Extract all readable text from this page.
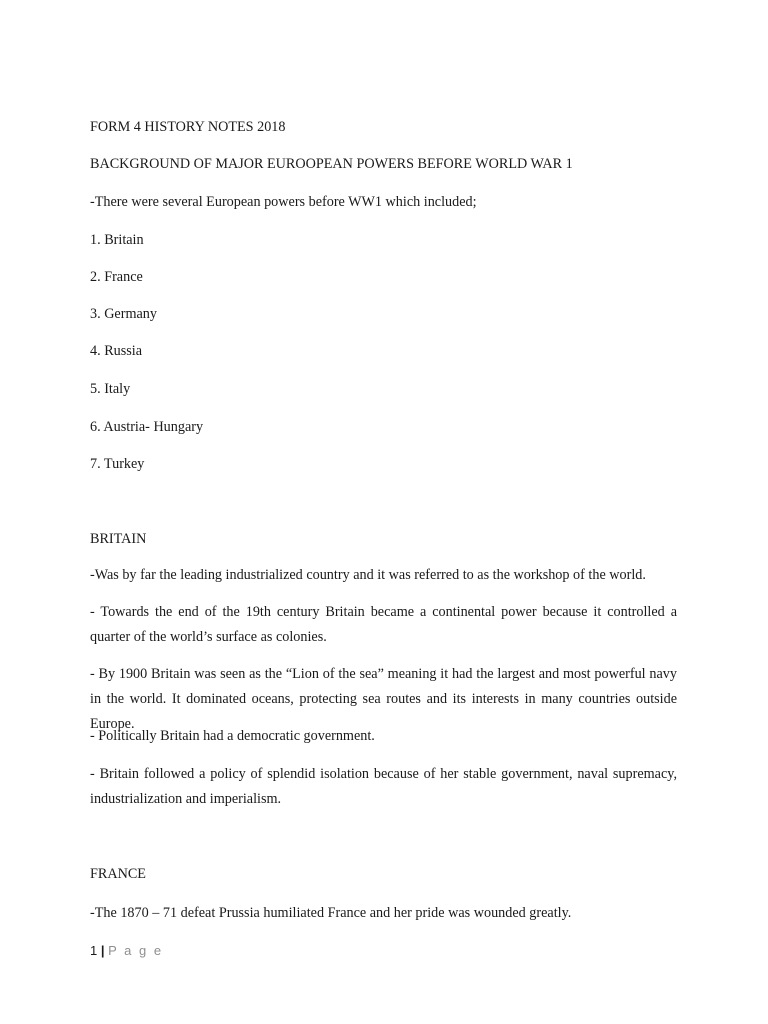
FORM 4 HISTORY NOTES 2018

BACKGROUND OF MAJOR EUROOPEAN POWERS BEFORE WORLD WAR 1

-There were several European powers before WW1 which included;

1. Britain

2. France

3. Germany

4. Russia

5. Italy

6. Austria- Hungary

7. Turkey

BRITAIN

-Was by far the leading industrialized country and it was referred to as the workshop of the world.

- Towards the end of the 19th century Britain became a continental power because it controlled a quarter of the world’s surface as colonies.

- By 1900 Britain was seen as the “Lion of the sea” meaning it had the largest and most powerful navy in the world. It dominated oceans, protecting sea routes and its interests in many countries outside Europe.

- Politically Britain had a democratic government.

- Britain followed a policy of splendid isolation because of her stable government, naval supremacy, industrialization and imperialism.

FRANCE

-The 1870 – 71 defeat Prussia humiliated France and her pride was wounded greatly.

1 | P a g e
